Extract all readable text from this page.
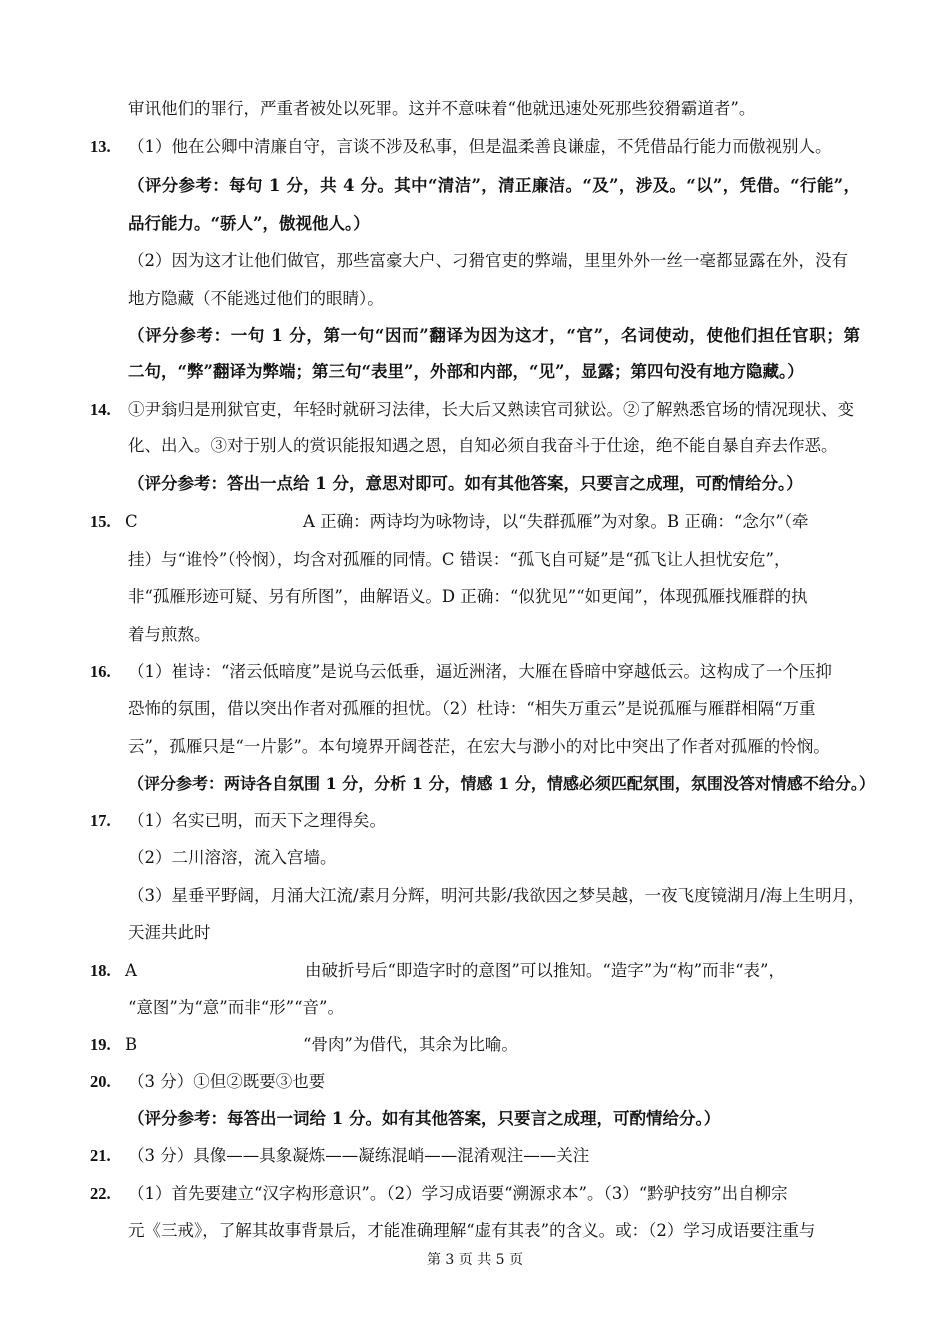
审讯他们的罪行，严重者被处以死罪。这并不意味着“他就迅速处死那些狡猾霸道者”。
13. （1）他在公卿中清廉自守，言谈不涉及私事，但是温柔善良谦虚，不凭借品行能力而傲视别人。
（评分参考：每句 1 分，共 4 分。其中“清洁”，清正廉洁。“及”，涉及。“以”，凭借。“行能”，
品行能力。“骄人”，傲视他人。）
（2）因为这才让他们做官，那些富豪大户、刁猾官吏的弊端，里里外外一丝一毫都显露在外，没有
地方隐藏（不能逃过他们的眼睛）。
（评分参考：一句 1 分，第一句“因而”翻译为因为这才，“官”，名词使动，使他们担任官职；第
二句，“弊”翻译为弊端；第三句“表里”，外部和内部，“见”，显露；第四句没有地方隐藏。）
14. ①尹翁归是刑狱官吏，年轻时就研习法律，长大后又熟读官司狱讼。②了解熟悉官场的情况现状、变
化、出入。③对于别人的赏识能报知遇之恩，自知必须自我奋斗于仕途，绝不能自暴自弃去作恶。
（评分参考：答出一点给 1 分，意思对即可。如有其他答案，只要言之成理，可酌情给分。）
15. C	A 正确：两诗均为咏物诗，以“失群孤雁”为对象。B 正确：“念尔”（牵
挂）与“谁怜”（怜悯），均含对孤雁的同情。C 错误：“孤飞自可疑”是“孤飞让人担忧安危”，
非“孤雁形迹可疑、另有所图”，曲解语义。D 正确：“似犹见”“如更闻”，体现孤雁找雁群的执
着与煎熬。
16. （1）崔诗：“渚云低暗度”是说乌云低垂，逼近洲渚，大雁在昏暗中穿越低云。这构成了一个压抑
恐怖的氛围，借以突出作者对孤雁的担忧。（2）杜诗：“相失万重云”是说孤雁与雁群相隔“万重
云”，孤雁只是“一片影”。本句境界开阔苍茫，在宏大与渺小的对比中突出了作者对孤雁的怜悯。
（评分参考：两诗各自氛围 1 分，分析 1 分，情感 1 分，情感必须匹配氛围，氛围没答对情感不给分。）
17. （1）名实已明，而天下之理得矣。
（2）二川溶溶，流入宫墙。
（3）星垂平野阔，月涌大江流/素月分辉，明河共影/我欲因之梦吴越，一夜飞度镜湖月/海上生明月，
天涯共此时
18. A	由破折号后“即造字时的意图”可以推知。“造字”为“构”而非“表”，
“意图”为“意”而非“形”“音”。
19. B	“骨肉”为借代，其余为比喻。
20. （3 分）①但②既要③也要
（评分参考：每答出一词给 1 分。如有其他答案，只要言之成理，可酌情给分。）
21. （3 分）具像——具象凝炼——凝练混峭——混淆观注——关注
22. （1）首先要建立“汉字构形意识”。（2）学习成语要“溯源求本”。（3）“黔驴技穷”出自柳宗
元《三戒》，了解其故事背景后，才能准确理解“虚有其表”的含义。或：（2）学习成语要注重与
第 3 页 共 5 页
